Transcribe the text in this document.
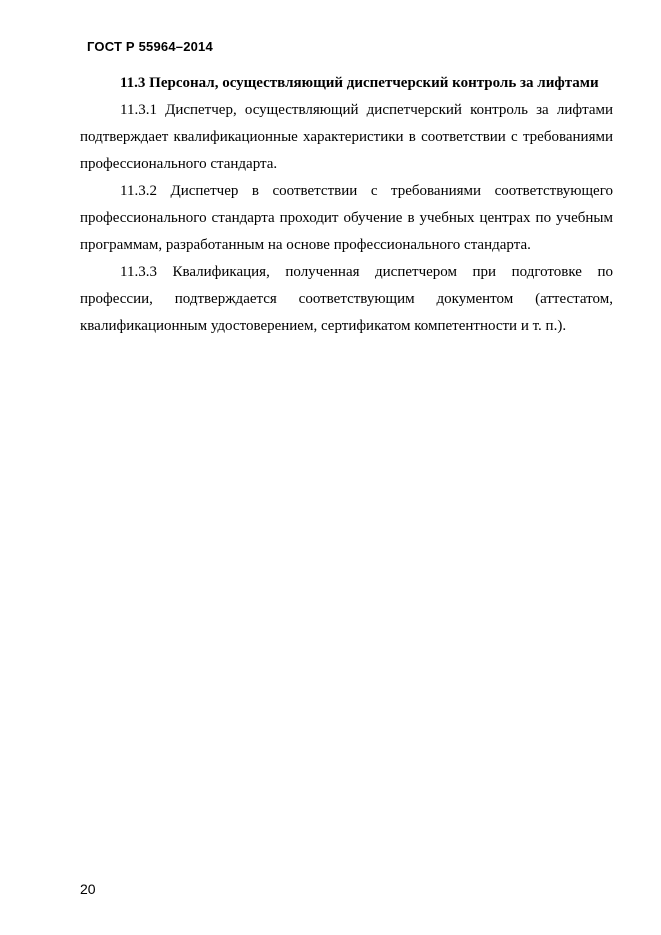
ГОСТ Р 55964–2014

11.3 Персонал, осуществляющий диспетчерский контроль за лифтами

11.3.1 Диспетчер, осуществляющий диспетчерский контроль за лифтами подтверждает квалификационные характеристики в соответствии с требованиями профессионального стандарта.

11.3.2 Диспетчер в соответствии с требованиями соответствующего профессионального стандарта проходит обучение в учебных центрах по учебным программам, разработанным на основе профессионального стандарта.

11.3.3 Квалификация, полученная диспетчером при подготовке по профессии, подтверждается соответствующим документом (аттестатом, квалификационным удостоверением, сертификатом компетентности и т. п.).

20
